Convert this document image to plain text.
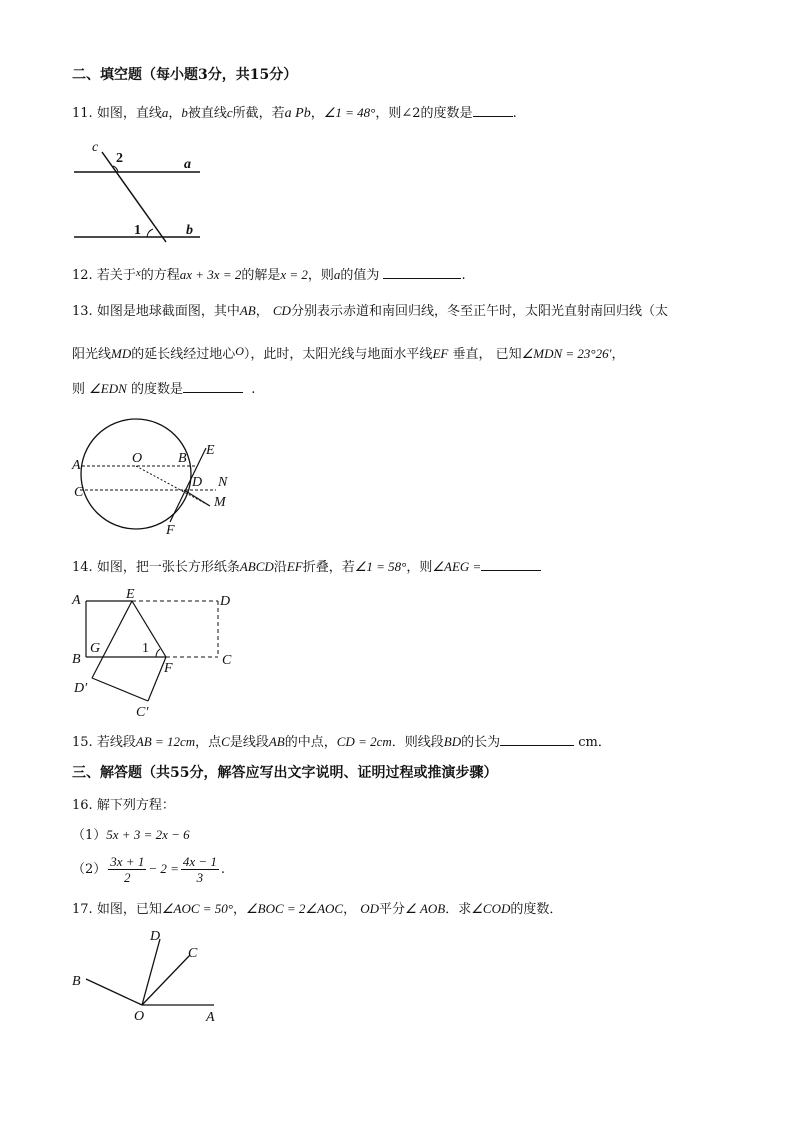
二、填空题（每小题3分，共15分）
11. 如图，直线a，b被直线c所截，若a Pb，∠1 = 48°，则∠2的度数是	.
c
2	a
1	b
12. 若关于$^x$的方程ax + 3x = 2的解是x = 2，则a的值为	.
13. 如图是地球截面图，其中AB， CD分别表示赤道和南回归线，冬至正午时，太阳光直射南回归线（太
阳光线MD的延长线经过地心O），此时，太阳光线与地面水平线EF 垂直， 已知∠MDN = 23°26′，
则 ∠EDN 的度数是	.
A	O	B
E
C
D N
M
F
14. 如图，把一张长方形纸条ABCD沿EF折叠，若∠1 = 58°，则∠AEG =
A	E	D
G	1
B
F
C
D′
C′
15. 若线段AB = 12cm，点C是线段AB的中点，CD = 2cm．则线段BD的长为	cm．
三、解答题（共55分，解答应写出文字说明、证明过程或推演步骤）
16. 解下列方程：
（1）5x + 3 = 2x − 6
$(2) \frac{3x + 1}{2} - 2 = \frac{4x - 1}{3}$ .
17. 如图，已知∠AOC = 50°，∠BOC = 2∠AOC， OD平分∠ AOB．求∠COD的度数．
D
C
B
O	A
